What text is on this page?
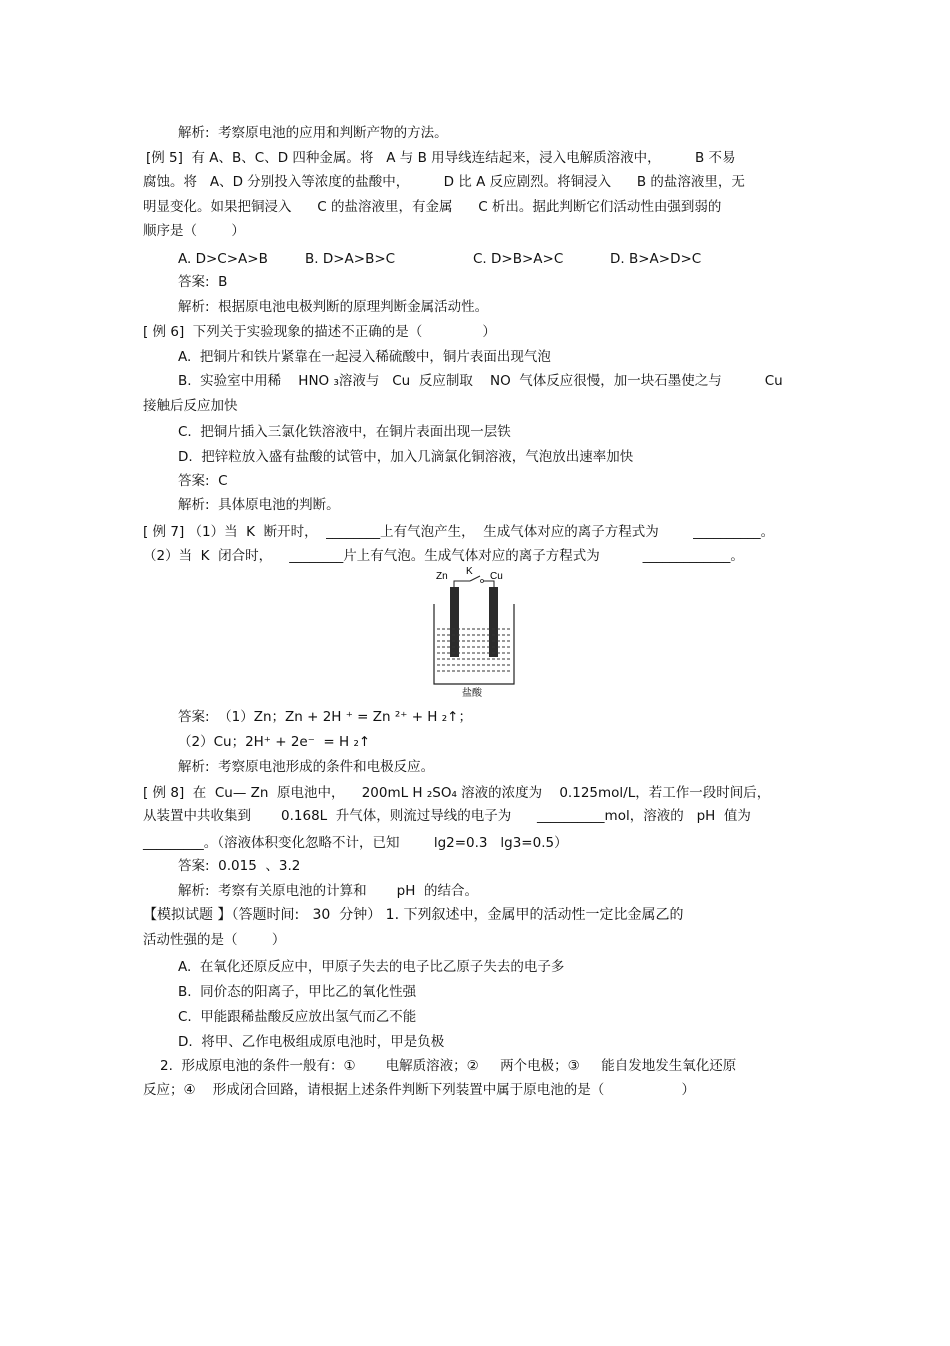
解析:  考察原电池的应用和判断产物的方法。
[例 5]  有 A、B、C、D 四种金属。将   A 与 B 用导线连结起来，浸入电解质溶液中，        B 不易
腐蚀。将   A、D 分别投入等浓度的盐酸中，        D 比 A 反应剧烈。将铜浸入      B 的盐溶液里，无
明显变化。如果把铜浸入      C 的盐溶液里，有金属      C 析出。据此判断它们活动性由强到弱的
顺序是（        ）
A. D>C>A>B	B. D>A>B>C	C. D>B>A>C	D. B>A>D>C
答案:  B
解析:  根据原电池电极判断的原理判断金属活动性。
[ 例 6]  下列关于实验现象的描述不正确的是（              ）
A.  把铜片和铁片紧靠在一起浸入稀硫酸中，铜片表面出现气泡
B.  实验室中用稀    HNO ₃溶液与   Cu  反应制取    NO  气体反应很慢，加一块石墨使之与          Cu
接触后反应加快
C.  把铜片插入三氯化铁溶液中，在铜片表面出现一层铁
D.  把锌粒放入盛有盐酸的试管中，加入几滴氯化铜溶液，气泡放出速率加快
答案:  C
解析:  具体原电池的判断。
[ 例 7] （1）当  K  断开时，  ________上有气泡产生，  生成气体对应的离子方程式为        __________。
（2）当  K  闭合时，    ________片上有气泡。生成气体对应的离子方程式为          _____________。
Zn K Cu
盐酸
答案:  （1）Zn；Zn + 2H ⁺ = Zn ²⁺ + H ₂↑；
（2）Cu；2H⁺ + 2e⁻  = H ₂↑
解析:  考察原电池形成的条件和电极反应。
[ 例 8]  在  Cu— Zn  原电池中，    200mL H ₂SO₄ 溶液的浓度为    0.125mol/L，若工作一段时间后，
从装置中共收集到       0.168L  升气体，则流过导线的电子为      __________mol，溶液的   pH  值为
_________。（溶液体积变化忽略不计，已知        lg2=0.3   lg3=0.5）
答案:  0.015  、3.2
解析:  考察有关原电池的计算和       pH  的结合。
【模拟试题 】（答题时间:   30  分钟） 1. 下列叙述中，金属甲的活动性一定比金属乙的
活动性强的是（        ）
A.  在氧化还原反应中，甲原子失去的电子比乙原子失去的电子多
B.  同价态的阳离子，甲比乙的氧化性强
C.  甲能跟稀盐酸反应放出氢气而乙不能
D.  将甲、乙作电极组成原电池时，甲是负极
2.  形成原电池的条件一般有：①       电解质溶液；②     两个电极；③     能自发地发生氧化还原
反应；④    形成闭合回路，请根据上述条件判断下列装置中属于原电池的是（                  ）
